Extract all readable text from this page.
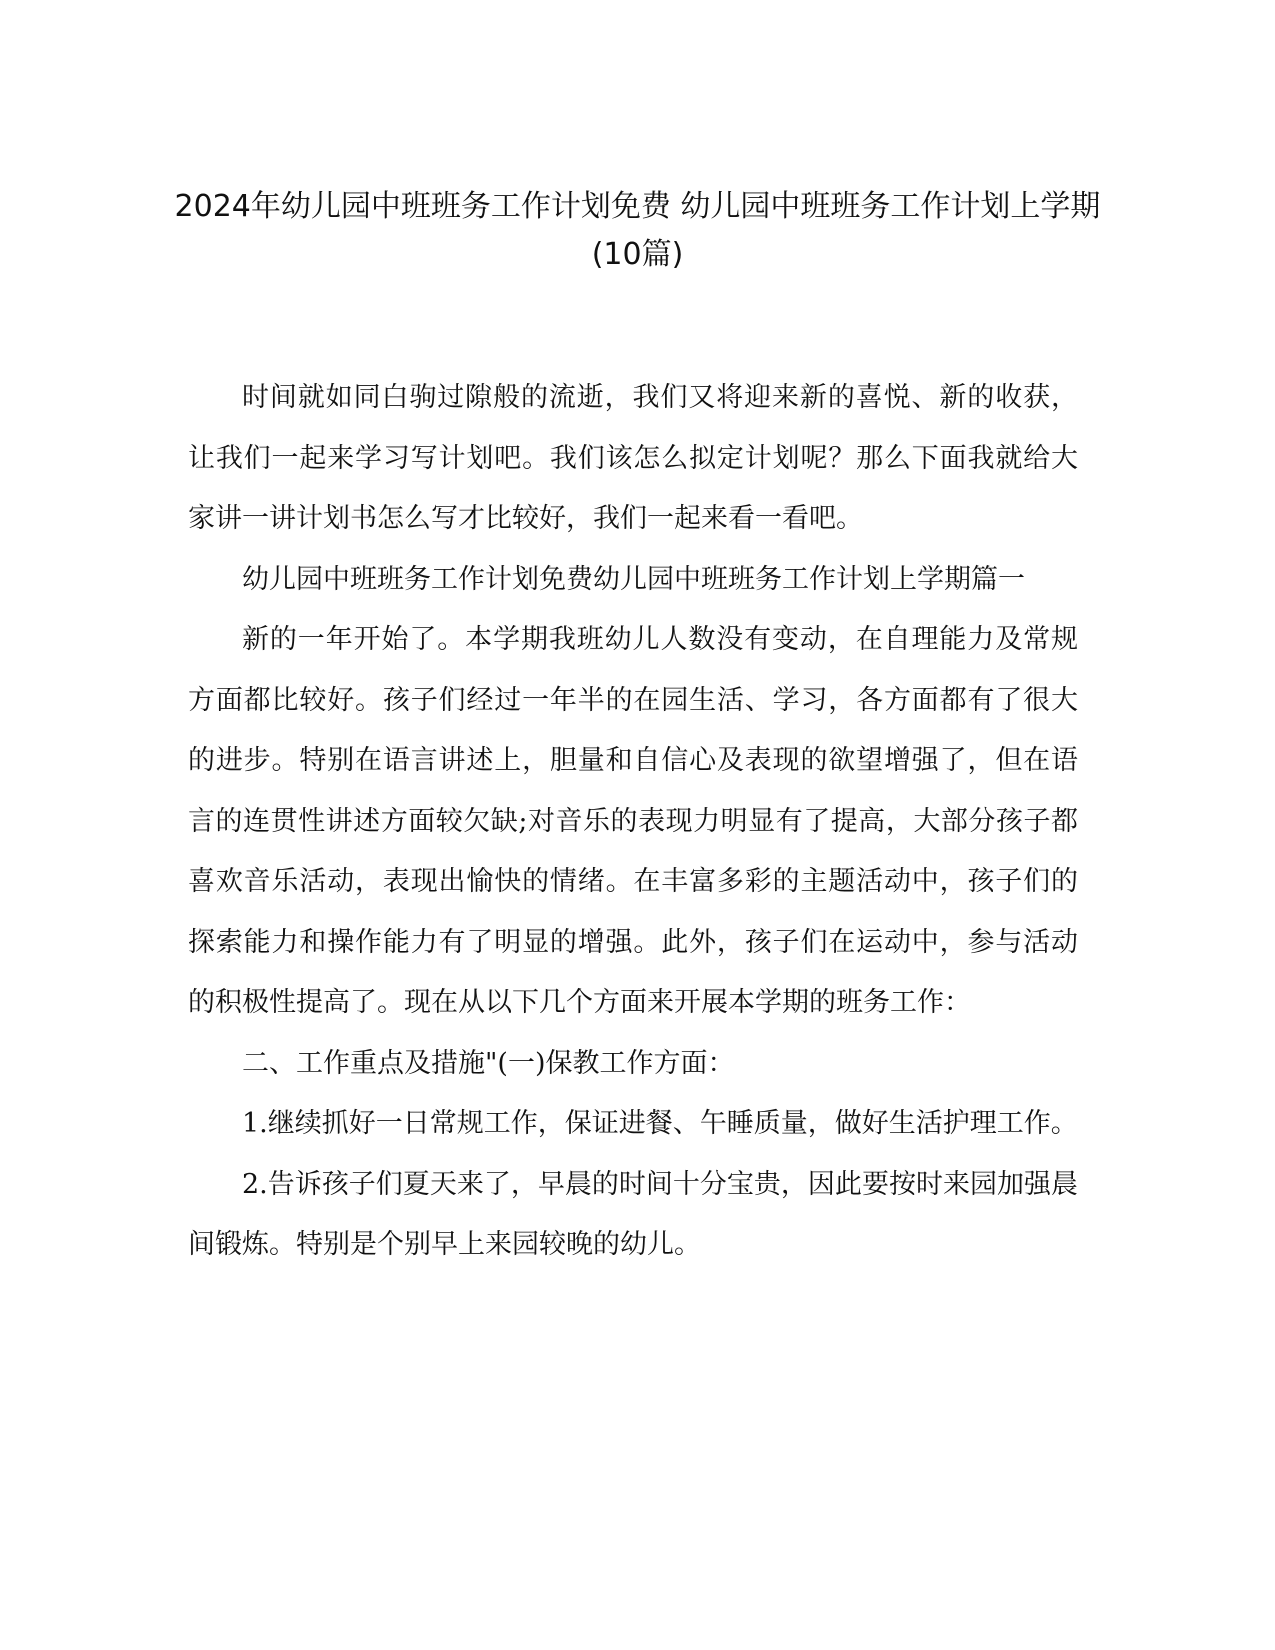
2024年幼儿园中班班务工作计划免费 幼儿园中班班务工作计划上学期(10篇)

时间就如同白驹过隙般的流逝，我们又将迎来新的喜悦、新的收获，让我们一起来学习写计划吧。我们该怎么拟定计划呢？那么下面我就给大家讲一讲计划书怎么写才比较好，我们一起来看一看吧。

幼儿园中班班务工作计划免费幼儿园中班班务工作计划上学期篇一

新的一年开始了。本学期我班幼儿人数没有变动，在自理能力及常规方面都比较好。孩子们经过一年半的在园生活、学习，各方面都有了很大的进步。特别在语言讲述上，胆量和自信心及表现的欲望增强了，但在语言的连贯性讲述方面较欠缺;对音乐的表现力明显有了提高，大部分孩子都喜欢音乐活动，表现出愉快的情绪。在丰富多彩的主题活动中，孩子们的探索能力和操作能力有了明显的增强。此外，孩子们在运动中，参与活动的积极性提高了。现在从以下几个方面来开展本学期的班务工作：

二、工作重点及措施"(一)保教工作方面：

1.继续抓好一日常规工作，保证进餐、午睡质量，做好生活护理工作。

2.告诉孩子们夏天来了，早晨的时间十分宝贵，因此要按时来园加强晨间锻炼。特别是个别早上来园较晚的幼儿。
